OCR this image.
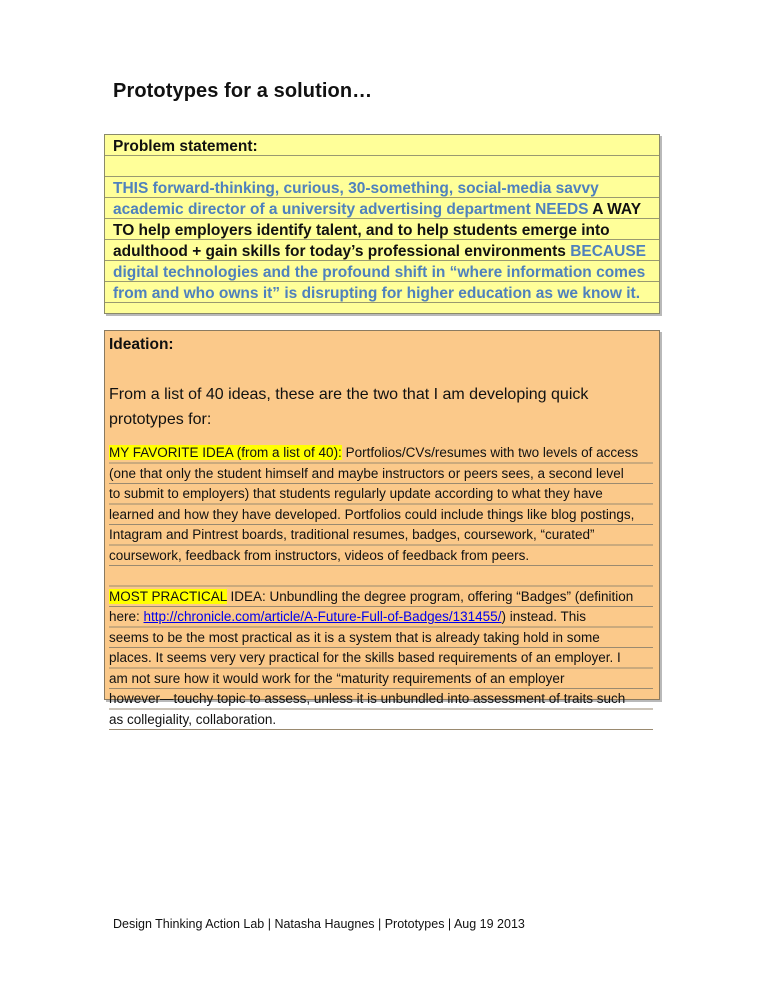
Prototypes for a solution…
Problem statement:
THIS forward-thinking, curious, 30-something, social-media savvy
academic director of a university advertising department NEEDS A WAY
TO help employers identify talent, and to help students emerge into
adulthood + gain skills for today’s professional environments BECAUSE
digital technologies and the profound shift in “where information comes
from and who owns it” is disrupting for higher education as we know it.
Ideation:
From a list of 40 ideas, these are the two that I am developing quick
prototypes for:
MY FAVORITE IDEA (from a list of 40): Portfolios/CVs/resumes with two levels of access
(one that only the student himself and maybe instructors or peers sees, a second level
to submit to employers) that students regularly update according to what they have
learned and how they have developed. Portfolios could include things like blog postings,
Intagram and Pintrest boards, traditional resumes, badges, coursework, “curated”
coursework, feedback from instructors, videos of feedback from peers.
MOST PRACTICAL IDEA: Unbundling the degree program, offering “Badges” (definition
here: http://chronicle.com/article/A-Future-Full-of-Badges/131455/) instead. This
seems to be the most practical as it is a system that is already taking hold in some
places. It seems very very practical for the skills based requirements of an employer. I
am not sure how it would work for the “maturity requirements of an employer
however—touchy topic to assess, unless it is unbundled into assessment of traits such
as collegiality, collaboration.
Design Thinking Action Lab | Natasha Haugnes | Prototypes | Aug 19 2013
